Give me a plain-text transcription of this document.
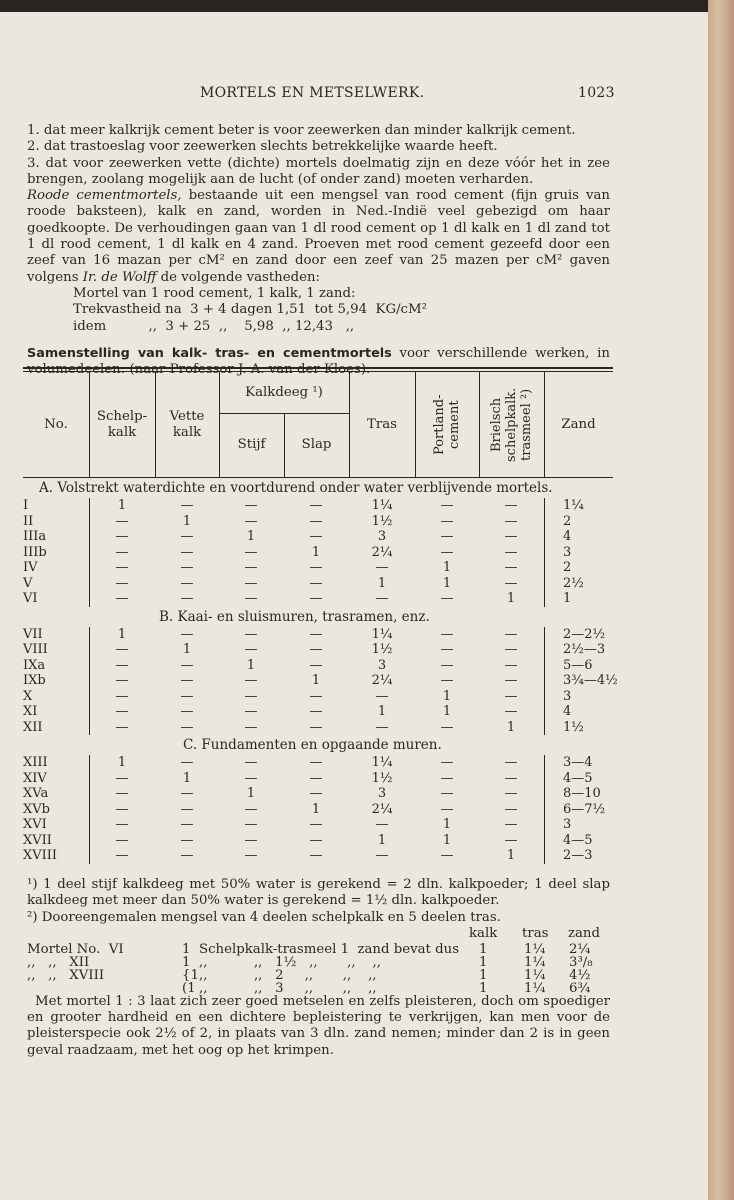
MORTELS EN METSELWERK.	1023

1. dat meer kalkrijk cement beter is voor zeewerken dan minder kalkrijk cement.

2. dat trastoeslag voor zeewerken slechts betrekkelijke waarde heeft.

3. dat voor zeewerken vette (dichte) mortels doelmatig zijn en deze vóór het in zee brengen, zoolang mogelijk aan de lucht (of onder zand) moeten verharden.

Roode cementmortels, bestaande uit een mengsel van rood cement (fijn gruis van roode baksteen), kalk en zand, worden in Ned.-Indië veel gebezigd om haar goedkoopte. De verhoudingen gaan van 1 dl rood cement op 1 dl kalk en 1 dl zand tot 1 dl rood cement, 1 dl kalk en 4 zand. Proeven met rood cement gezeefd door een zeef van 16 mazan per cM² en zand door een zeef van 25 mazen per cM² gaven volgens Ir. de Wolff de volgende vastheden:

Mortel van 1 rood cement, 1 kalk, 1 zand:

Trekvastheid na  3 + 4 dagen 1,51  tot 5,94  KG/cM²

idem          ,,  3 + 25  ,,    5,98  ,, 12,43   ,,

Samenstelling van kalk- tras- en cementmortels voor verschillende werken, in volumedeelen: (naar Professor J. A. van der Kloes).

No.
Schelp-kalk
Vette kalk
Kalkdeeg ¹)
Stijf	Slap
Tras	Portland-cement Brielsch schelpkalk. trasmeel ²)	Zand
A. Volstrekt waterdichte en voortdurend onder water verblijvende mortels.
I	1	—	—	—	1¼	—	—	1¼
II	—	1	—	—	1½	—	—	2
IIIa	—	—	1	—	3	—	—	4
IIIb	—	—	—	1	2¼	—	—	3
IV	—	—	—	—	—	1	—	2
V	—	—	—	—	1	1	—	2½
VI	—	—	—	—	—	—	1	1
B. Kaai- en sluismuren, trasramen, enz.
VII	1	—	—	—	1¼	—	—	2—2½
VIII	—	1	—	—	1½	—	—	2½—3
IXa	—	—	1	—	3	—	—	5—6
IXb	—	—	—	1	2¼	—	—	3¾—4½
X	—	—	—	—	—	1	—	3
XI	—	—	—	—	1	1	—	4
XII	—	—	—	—	—	—	1	1½
C. Fundamenten en opgaande muren.
XIII	1	—	—	—	1¼	—	—	3—4
XIV	—	1	—	—	1½	—	—	4—5
XVa	—	—	1	—	3	—	—	8—10
XVb	—	—	—	1	2¼	—	—	6—7½
XVI	—	—	—	—	—	1	—	3
XVII	—	—	—	—	1	1	—	4—5
XVIII	—	—	—	—	—	—	1	2—3

¹) 1 deel stijf kalkdeeg met 50% water is gerekend = 2 dln. kalkpoeder; 1 deel slap kalkdeeg met meer dan 50% water is gerekend = 1½ dln. kalkpoeder.

²) Dooreengemalen mengsel van 4 deelen schelpkalk en 5 deelen tras.

kalk tras zand
Mortel No.  VI	1 Schelpkalk-trasmeel 1  zand bevat dus 1	1¼ 2¼
,,   ,,   XII	1 ,,           ,,   1½   ,,       ,,    ,,	1	1¼ 3³/₈
,,   ,,   XVIII	{1 ,,           ,,   2     ,,       ,,    ,,	1	1¼ 4½
(1 ,,           ,,   3     ,,       ,,    ,,	1	1¼ 6¾

Met mortel 1 : 3 laat zich zeer goed metselen en zelfs pleisteren, doch om spoediger en grooter hardheid en een dichtere bepleistering te verkrijgen, kan men voor de pleisterspecie ook 2½ of 2, in plaats van 3 dln. zand nemen; minder dan 2 is in geen geval raadzaam, met het oog op het krimpen.
